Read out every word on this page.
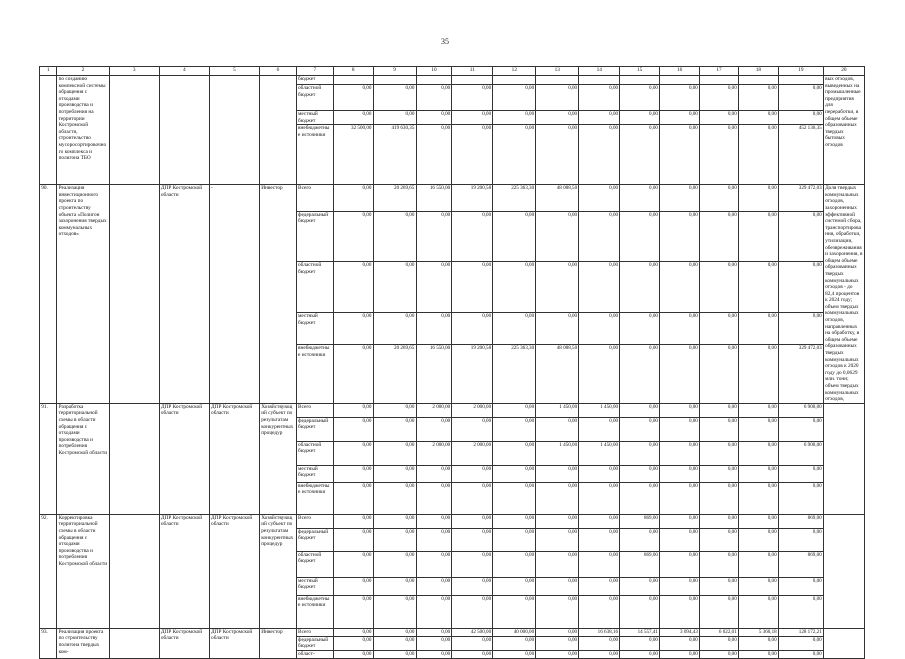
35
1	2	3	4	5	6	7	8	9	10	11	12	13	14	15	16	17	18	19	20
	по созданию компексной системы обращения с отходами производства и потребления на территории Костромской области, строительство мусоросортировочного комплекса и полигона ТБО					бюджет													вых отходов, выведенных на промышленные предприятия для переработки, в общем объеме образованных твердых бытовых отходов
						областной бюджет	0,00	0,00	0,00	0,00	0,00	0,00	0,00	0,00	0,00	0,00	0,00	0,00	
						местный бюджет	0,00	0,00	0,00	0,00	0,00	0,00	0,00	0,00	0,00	0,00	0,00	0,00	
						внебюджетные источники	32 500,00	419 630,35	0,00	0,00	0,00	0,00	0,00	0,00	0,00	0,00	0,00	452 130,35	
90.	Реализация инвестиционного проекта по строительству объекта «Полигон захоронения твердых коммунальных отходов»		ДПР Костромской области	-	Инвестор	Всего	0,00	20 269,65	16 550,00	19 200,58	225 363,30	48 088,50	0,00	0,00	0,00	0,00	0,00	329 472,03	Доля твердых коммунальных отходов, захороненных эффективной системой сбора, транспортирования, обработки, утилизации, обезвреживания и захоронения, в общем объеме образованных твердых коммунальных отходов - до 82,4 процентов к 2024 году; объем твердых коммунальных отходов, направленных на обработку, в общем объеме образованных твердых коммунальных отходов к 2020 году до 0,0629 млн. тонн; объем твердых коммунальных отходов,
						федеральный бюджет	0,00	0,00	0,00	0,00	0,00	0,00	0,00	0,00	0,00	0,00	0,00	0,00	
						областной бюджет	0,00	0,00	0,00	0,00	0,00	0,00	0,00	0,00	0,00	0,00	0,00	0,00	
						местный бюджет	0,00	0,00	0,00	0,00	0,00	0,00	0,00	0,00	0,00	0,00	0,00	0,00	
						внебюджетные источники	0,00	20 269,65	16 550,00	19 200,58	225 363,30	48 088,50	0,00	0,00	0,00	0,00	0,00	329 472,03	
91.	Разработка территориальной схемы в области обращения с отходами производства и потребления Костромской области		ДПР Костромской области	ДПР Костромской области	Хозяйствующий субъект по результатам конкурентных процедур	Всего	0,00	0,00	2 000,00	2 000,00	0,00	1 450,00	1 450,00	0,00	0,00	0,00	0,00	6 900,00	
						федеральный бюджет	0,00	0,00	0,00	0,00	0,00	0,00	0,00	0,00	0,00	0,00	0,00	0,00	
						областной бюджет	0,00	0,00	2 000,00	2 000,00	0,00	1 450,00	1 450,00	0,00	0,00	0,00	0,00	6 900,00	
						местный бюджет	0,00	0,00	0,00	0,00	0,00	0,00	0,00	0,00	0,00	0,00	0,00	0,00	
						внебюджетные источники	0,00	0,00	0,00	0,00	0,00	0,00	0,00	0,00	0,00	0,00	0,00	0,00	
92.	Корректировка территориальной схемы в области обращения с отходами производства и потребления Костромской области		ДПР Костромской области	ДПР Костромской области	Хозяйствующий субъект по результатам конкурентных процедур	Всего	0,00	0,00	0,00	0,00	0,00	0,00	0,00	869,00	0,00	0,00	0,00	869,00	
						федеральный бюджет	0,00	0,00	0,00	0,00	0,00	0,00	0,00	0,00	0,00	0,00	0,00	0,00	
						областной бюджет	0,00	0,00	0,00	0,00	0,00	0,00	0,00	869,00	0,00	0,00	0,00	869,00	
						местный бюджет	0,00	0,00	0,00	0,00	0,00	0,00	0,00	0,00	0,00	0,00	0,00	0,00	
						внебюджетные источники	0,00	0,00	0,00	0,00	0,00	0,00	0,00	0,00	0,00	0,00	0,00	0,00	
93.	Реализация проекта по строительству полигона твердых ком-		ДПР Костромской области	ДПР Костромской области	Инвестор	Всего	0,00	0,00	0,00	42 500,00	40 000,00	0,00	16 638,16	14 557,41	3 094,43	6 022,01	5 360,18	128 172,21	
						федеральный бюджет	0,00	0,00	0,00	0,00	0,00	0,00	0,00	0,00	0,00	0,00	0,00	0,00	
						област-	0,00	0,00	0,00	0,00	0,00	0,00	0,00	0,00	0,00	0,00	0,00	0,00	
